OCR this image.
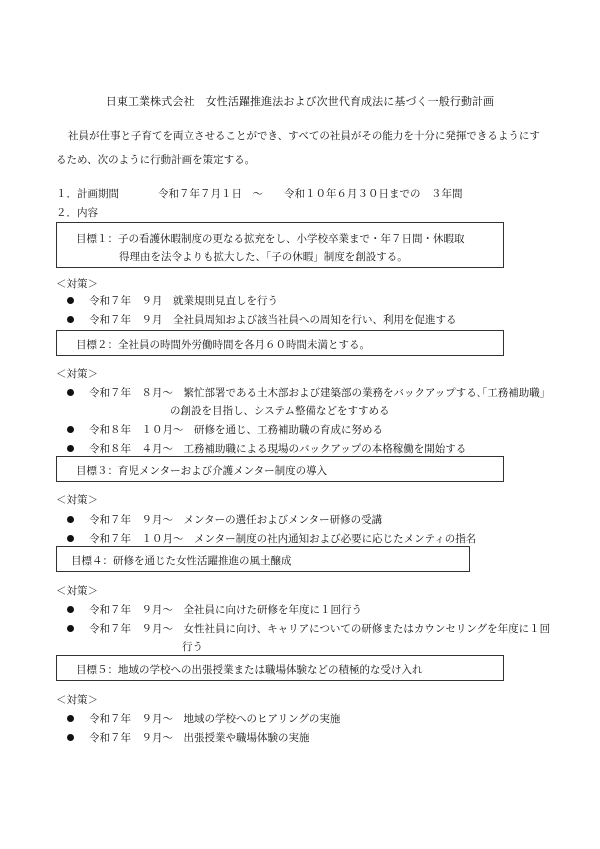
日東工業株式会社　女性活躍推進法および次世代育成法に基づく一般行動計画
社員が仕事と子育てを両立させることができ、すべての社員がその能力を十分に発揮できるようにす
るため、次のように行動計画を策定する。
１． 計画期間	令和７年７月１日　～　　令和１０年６月３０日までの　３年間
２． 内容
目標１：子の看護休暇制度の更なる拡充をし、小学校卒業まで・年７日間・休暇取
得理由を法令よりも拡大した、「子の休暇」制度を創設する。
＜対策＞
令和７年　９月　就業規則見直しを行う
令和７年　９月　全社員周知および該当社員への周知を行い、利用を促進する
目標２：全社員の時間外労働時間を各月６０時間未満とする。
＜対策＞
令和７年　８月～　繁忙部署である土木部および建築部の業務をバックアップする､｢工務補助職」
の創設を目指し、システム整備などをすすめる
令和８年　１０月～　研修を通じ、工務補助職の育成に努める
令和８年　４月～　工務補助職による現場のバックアップの本格稼働を開始する
目標３：育児メンターおよび介護メンター制度の導入
＜対策＞
令和７年　９月～　メンターの選任およびメンター研修の受講
令和７年　１０月～　メンター制度の社内通知および必要に応じたメンティの指名
目標４：研修を通じた女性活躍推進の風土醸成
＜対策＞
令和７年　９月～　全社員に向けた研修を年度に１回行う
令和７年　９月～　女性社員に向け、キャリアについての研修またはカウンセリングを年度に１回
行う
目標５：地域の学校への出張授業または職場体験などの積極的な受け入れ
＜対策＞
令和７年　９月～　地域の学校へのヒアリングの実施
令和７年　９月～　出張授業や職場体験の実施
